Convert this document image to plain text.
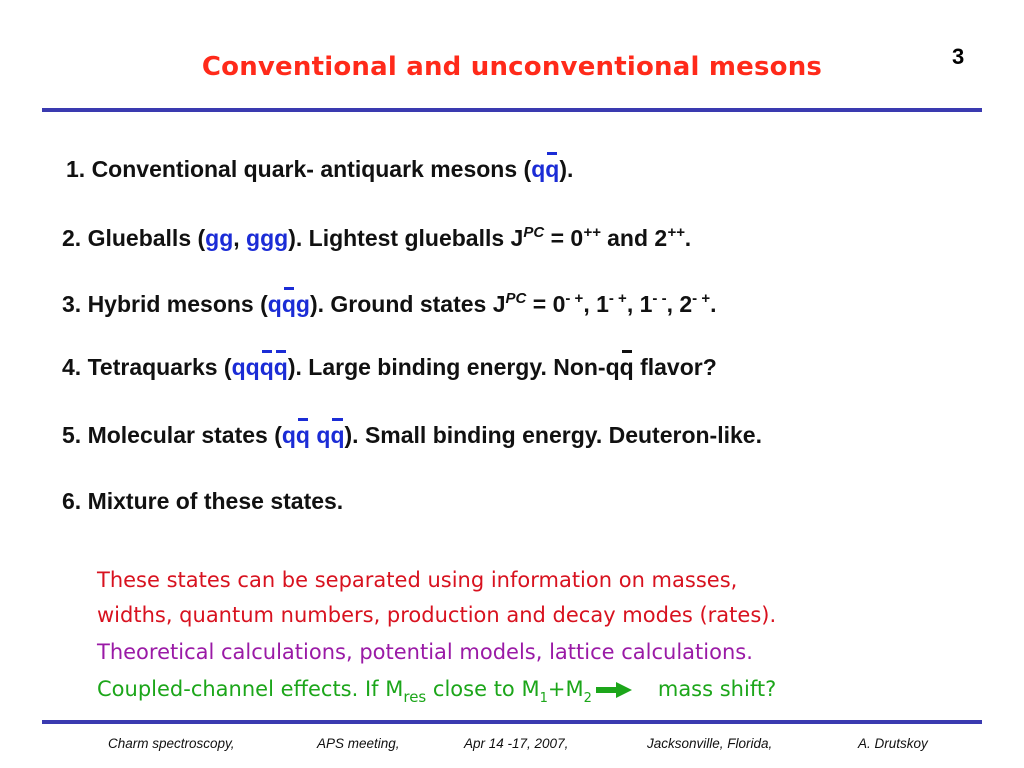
Conventional and unconventional mesons	3
1. Conventional quark- antiquark mesons (qq).
2. Glueballs (gg, ggg). Lightest glueballs $J^{PC} = 0^{++}$ and 2++.
3. Hybrid mesons (qqg). Ground states $J^{PC} = 0^{- +}$, 1- +, 1- -, 2- +.
4. Tetraquarks (qqqq). Large binding energy. Non-qq flavor?
5. Molecular states (qq qq). Small binding energy. Deuteron-like.
6. Mixture of these states.
These states can be separated using information on masses,
widths, quantum numbers, production and decay modes (rates).
Theoretical calculations, potential models, lattice calculations.
Coupled-channel effects. If $M_{res}$ close to $M_1+M_2$	mass shift?
Charm spectroscopy,	APS meeting,	Apr 14 -17, 2007,	Jacksonville, Florida,	A. Drutskoy
